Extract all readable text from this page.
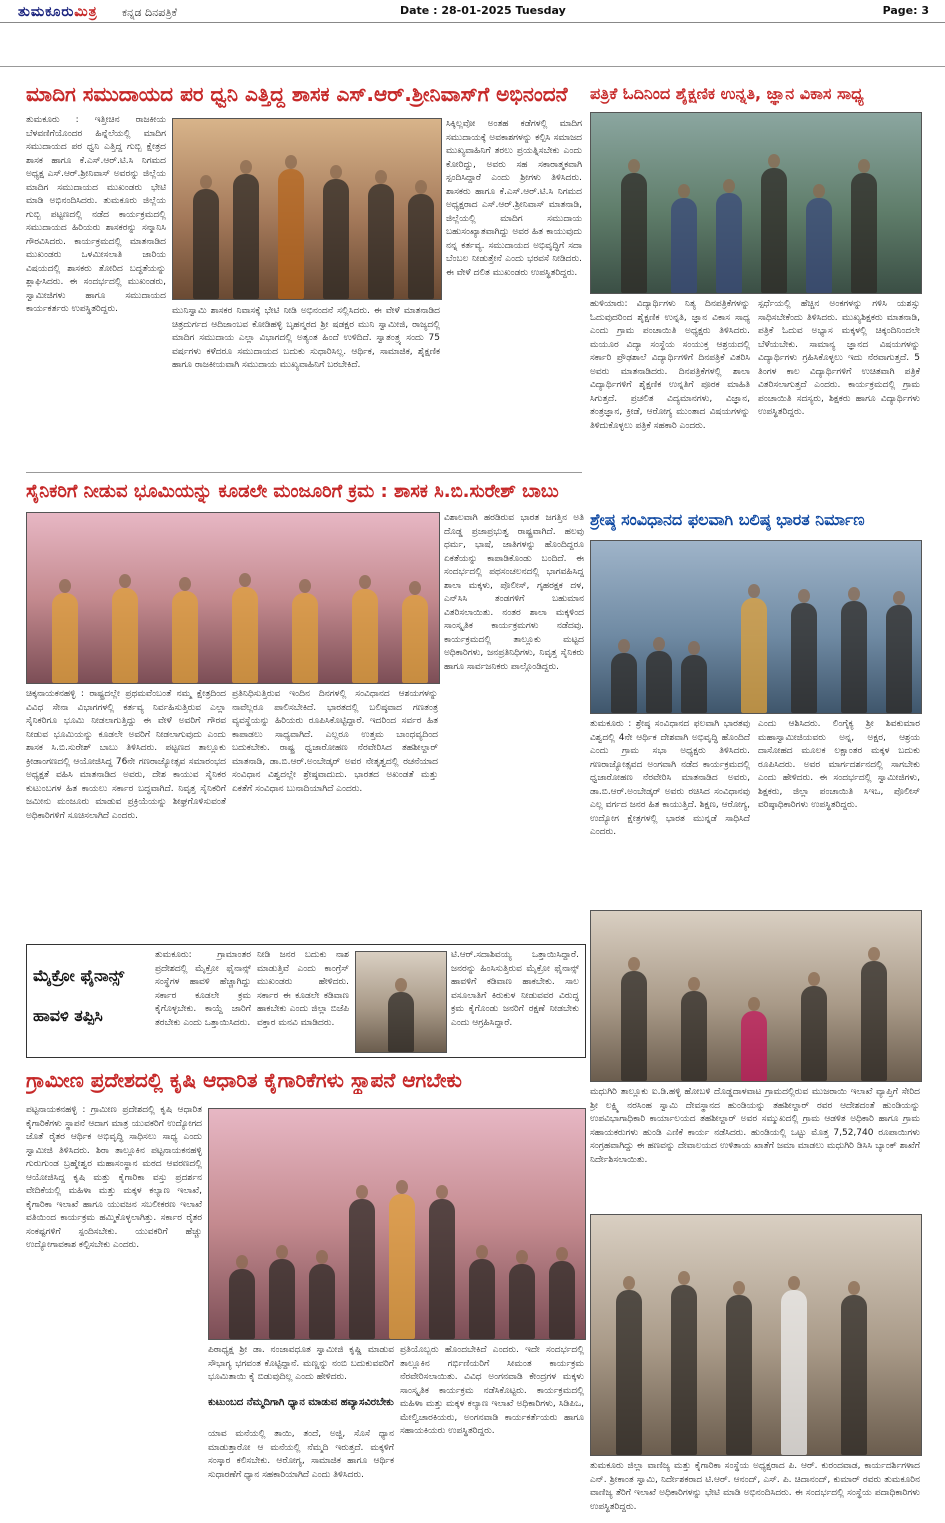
ತುಮಕೂರುಮಿತ್ರ ಕನ್ನಡ ದಿನಪತ್ರಿಕೆ	Date : 28-01-2025 Tuesday	Page: 3
ಮಾದಿಗ ಸಮುದಾಯದ ಪರ ಧ್ವನಿ ಎತ್ತಿದ್ದ ಶಾಸಕ ಎಸ್.ಆರ್.ಶ್ರೀನಿವಾಸ್‌ಗೆ ಅಭಿನಂದನೆ
ತುಮಕೂರು : ಇತ್ತೀಚಿನ ರಾಜಕೀಯ ಬೆಳವಣಿಗೆಯೊಂದರ ಹಿನ್ನೆಲೆಯಲ್ಲಿ ಮಾದಿಗ ಸಮುದಾಯದ ಪರ ಧ್ವನಿ ಎತ್ತಿದ್ದ ಗುಬ್ಬಿ ಕ್ಷೇತ್ರದ ಶಾಸಕ ಹಾಗೂ ಕೆ.ಎಸ್.ಆರ್.ಟಿ.ಸಿ ನಿಗಮದ ಅಧ್ಯಕ್ಷ ಎಸ್.ಆರ್.ಶ್ರೀನಿವಾಸ್ ಅವರನ್ನು ಜಿಲ್ಲೆಯ ಮಾದಿಗ ಸಮುದಾಯದ ಮುಖಂಡರು ಭೇಟಿ ಮಾಡಿ ಅಭಿನಂದಿಸಿದರು. ತುಮಕೂರು ಜಿಲ್ಲೆಯ ಗುಬ್ಬಿ ಪಟ್ಟಣದಲ್ಲಿ ನಡೆದ ಕಾರ್ಯಕ್ರಮದಲ್ಲಿ ಸಮುದಾಯದ ಹಿರಿಯರು ಶಾಸಕರನ್ನು ಸನ್ಮಾನಿಸಿ ಗೌರವಿಸಿದರು. ಕಾರ್ಯಕ್ರಮದಲ್ಲಿ ಮಾತನಾಡಿದ ಮುಖಂಡರು ಒಳಮೀಸಲಾತಿ ಜಾರಿಯ ವಿಷಯದಲ್ಲಿ ಶಾಸಕರು ತೋರಿದ ಬದ್ಧತೆಯನ್ನು ಶ್ಲಾಘಿಸಿದರು. ಈ ಸಂದರ್ಭದಲ್ಲಿ ಮುಖಂಡರು, ಸ್ವಾಮೀಜಿಗಳು ಹಾಗೂ ಸಮುದಾಯದ ಕಾರ್ಯಕರ್ತರು ಉಪಸ್ಥಿತರಿದ್ದರು.	ಮುನಿಸ್ವಾಮಿ ಶಾಸಕರ ನಿವಾಸಕ್ಕೆ ಭೇಟಿ ನೀಡಿ ಅಭಿನಂದನೆ ಸಲ್ಲಿಸಿದರು. ಈ ವೇಳೆ ಮಾತನಾಡಿದ ಚಿತ್ರದುರ್ಗದ ಆದಿಜಾಂಬವ ಕೋಡಿಹಳ್ಳಿ ಬೃಹನ್ಮಠದ ಶ್ರೀ ಷಡಕ್ಷರ ಮುನಿ ಸ್ವಾಮೀಜಿ, ರಾಜ್ಯದಲ್ಲಿ ಮಾದಿಗ ಸಮುದಾಯ ಎಲ್ಲಾ ವಿಭಾಗದಲ್ಲಿ ಅತ್ಯಂತ ಹಿಂದೆ ಉಳಿದಿದೆ. ಸ್ವಾತಂತ್ರ್ಯ ಸಂದು 75 ವರ್ಷಗಳು ಕಳೆದರೂ ಸಮುದಾಯದ ಬದುಕು ಸುಧಾರಿಸಿಲ್ಲ. ಆರ್ಥಿಕ, ಸಾಮಾಜಿಕ, ಶೈಕ್ಷಣಿಕ ಹಾಗೂ ರಾಜಕೀಯವಾಗಿ ಸಮುದಾಯ ಮುಖ್ಯವಾಹಿನಿಗೆ ಬರಬೇಕಿದೆ.
ಸಿಕ್ಕಿಲ್ಲವೋ ಅಂತಹ ಕಡೆಗಳಲ್ಲಿ ಮಾದಿಗ ಸಮುದಾಯಕ್ಕೆ ಅವಕಾಶಗಳನ್ನು ಕಲ್ಪಿಸಿ ಸಮಾಜದ ಮುಖ್ಯವಾಹಿನಿಗೆ ತರಲು ಪ್ರಯತ್ನಿಸಬೇಕು ಎಂದು ಕೋರಿದ್ದು, ಅವರು ಸಹ ಸಕಾರಾತ್ಮಕವಾಗಿ ಸ್ಪಂದಿಸಿದ್ದಾರೆ ಎಂದು ಶ್ರೀಗಳು ತಿಳಿಸಿದರು. ಶಾಸಕರು ಹಾಗೂ ಕೆ.ಎಸ್.ಆರ್.ಟಿ.ಸಿ ನಿಗಮದ ಅಧ್ಯಕ್ಷರಾದ ಎಸ್.ಆರ್.ಶ್ರೀನಿವಾಸ್ ಮಾತನಾಡಿ, ಜಿಲ್ಲೆಯಲ್ಲಿ ಮಾದಿಗ ಸಮುದಾಯ ಬಹುಸಂಖ್ಯಾತವಾಗಿದ್ದು ಅವರ ಹಿತ ಕಾಯುವುದು ನನ್ನ ಕರ್ತವ್ಯ. ಸಮುದಾಯದ ಅಭಿವೃದ್ಧಿಗೆ ಸದಾ ಬೆಂಬಲ ನೀಡುತ್ತೇನೆ ಎಂದು ಭರವಸೆ ನೀಡಿದರು. ಈ ವೇಳೆ ದಲಿತ ಮುಖಂಡರು ಉಪಸ್ಥಿತರಿದ್ದರು.
ಪತ್ರಿಕೆ ಓದಿನಿಂದ ಶೈಕ್ಷಣಿಕ ಉನ್ನತಿ, ಜ್ಞಾನ ವಿಕಾಸ ಸಾಧ್ಯ
ಹುಳಿಯಾರು: ವಿದ್ಯಾರ್ಥಿಗಳು ನಿತ್ಯ ದಿನಪತ್ರಿಕೆಗಳನ್ನು ಓದುವುದರಿಂದ ಶೈಕ್ಷಣಿಕ ಉನ್ನತಿ, ಜ್ಞಾನ ವಿಕಾಸ ಸಾಧ್ಯ ಎಂದು ಗ್ರಾಮ ಪಂಚಾಯಿತಿ ಅಧ್ಯಕ್ಷರು ತಿಳಿಸಿದರು. ಮಯೂರ ವಿದ್ಯಾ ಸಂಸ್ಥೆಯ ಸಂಯುಕ್ತ ಆಶ್ರಯದಲ್ಲಿ ಸರ್ಕಾರಿ ಪ್ರೌಢಶಾಲೆ ವಿದ್ಯಾರ್ಥಿಗಳಿಗೆ ದಿನಪತ್ರಿಕೆ ವಿತರಿಸಿ ಅವರು ಮಾತನಾಡಿದರು. ದಿನಪತ್ರಿಕೆಗಳಲ್ಲಿ ಶಾಲಾ ವಿದ್ಯಾರ್ಥಿಗಳಿಗೆ ಶೈಕ್ಷಣಿಕ ಉನ್ನತಿಗೆ ಪೂರಕ ಮಾಹಿತಿ ಸಿಗುತ್ತದೆ. ಪ್ರಚಲಿತ ವಿದ್ಯಮಾನಗಳು, ವಿಜ್ಞಾನ, ತಂತ್ರಜ್ಞಾನ, ಕ್ರೀಡೆ, ಆರೋಗ್ಯ ಮುಂತಾದ ವಿಷಯಗಳನ್ನು ತಿಳಿದುಕೊಳ್ಳಲು ಪತ್ರಿಕೆ ಸಹಕಾರಿ ಎಂದರು.
ಸ್ಪರ್ಧೆಯಲ್ಲಿ ಹೆಚ್ಚಿನ ಅಂಕಗಳನ್ನು ಗಳಿಸಿ ಯಶಸ್ಸು ಸಾಧಿಸಬೇಕೆಂದು ತಿಳಿಸಿದರು. ಮುಖ್ಯಶಿಕ್ಷಕರು ಮಾತನಾಡಿ, ಪತ್ರಿಕೆ ಓದುವ ಅಭ್ಯಾಸ ಮಕ್ಕಳಲ್ಲಿ ಚಿಕ್ಕಂದಿನಿಂದಲೇ ಬೆಳೆಯಬೇಕು. ಸಾಮಾನ್ಯ ಜ್ಞಾನದ ವಿಷಯಗಳನ್ನು ವಿದ್ಯಾರ್ಥಿಗಳು ಗ್ರಹಿಸಿಕೊಳ್ಳಲು ಇದು ನೆರವಾಗುತ್ತದೆ. 5 ತಿಂಗಳ ಕಾಲ ವಿದ್ಯಾರ್ಥಿಗಳಿಗೆ ಉಚಿತವಾಗಿ ಪತ್ರಿಕೆ ವಿತರಿಸಲಾಗುತ್ತದೆ ಎಂದರು. ಕಾರ್ಯಕ್ರಮದಲ್ಲಿ ಗ್ರಾಮ ಪಂಚಾಯಿತಿ ಸದಸ್ಯರು, ಶಿಕ್ಷಕರು ಹಾಗೂ ವಿದ್ಯಾರ್ಥಿಗಳು ಉಪಸ್ಥಿತರಿದ್ದರು.
ಸೈನಿಕರಿಗೆ ನೀಡುವ ಭೂಮಿಯನ್ನು ಕೂಡಲೇ ಮಂಜೂರಿಗೆ ಕ್ರಮ : ಶಾಸಕ ಸಿ.ಬಿ.ಸುರೇಶ್ ಬಾಬು
ಚಿಕ್ಕನಾಯಕನಹಳ್ಳಿ : ರಾಷ್ಟ್ರದಲ್ಲೇ ಪ್ರಥಮವೆಂಬಂತೆ ನಮ್ಮ ಕ್ಷೇತ್ರದಿಂದ ವಿವಿಧ ಸೇನಾ ವಿಭಾಗಗಳಲ್ಲಿ ಕರ್ತವ್ಯ ನಿರ್ವಹಿಸುತ್ತಿರುವ ಎಲ್ಲಾ ಸೈನಿಕರಿಗೂ ಭೂಮಿ ನೀಡಲಾಗುತ್ತಿದ್ದು ಈ ವೇಳೆ ಅವರಿಗೆ ಗೌರವ ನೀಡುವ ಭೂಮಿಯನ್ನು ಕೂಡಲೇ ಅವರಿಗೆ ನೀಡಲಾಗುವುದು ಎಂದು ಶಾಸಕ ಸಿ.ಬಿ.ಸುರೇಶ್ ಬಾಬು ತಿಳಿಸಿದರು. ಪಟ್ಟಣದ ತಾಲ್ಲೂಕು ಕ್ರೀಡಾಂಗಣದಲ್ಲಿ ಆಯೋಜಿಸಿದ್ದ 76ನೇ ಗಣರಾಜ್ಯೋತ್ಸವ ಸಮಾರಂಭದ ಅಧ್ಯಕ್ಷತೆ ವಹಿಸಿ ಮಾತನಾಡಿದ ಅವರು, ದೇಶ ಕಾಯುವ ಸೈನಿಕರ ಕುಟುಂಬಗಳ ಹಿತ ಕಾಯಲು ಸರ್ಕಾರ ಬದ್ಧವಾಗಿದೆ. ನಿವೃತ್ತ ಸೈನಿಕರಿಗೆ ಜಮೀನು ಮಂಜೂರು ಮಾಡುವ ಪ್ರಕ್ರಿಯೆಯನ್ನು ಶೀಘ್ರಗೊಳಿಸುವಂತೆ ಅಧಿಕಾರಿಗಳಿಗೆ ಸೂಚಿಸಲಾಗಿದೆ ಎಂದರು.
ಪ್ರತಿನಿಧಿಸುತ್ತಿರುವ ಇಂದಿನ ದಿನಗಳಲ್ಲಿ ಸಂವಿಧಾನದ ಆಶಯಗಳನ್ನು ನಾವೆಲ್ಲರೂ ಪಾಲಿಸಬೇಕಿದೆ. ಭಾರತದಲ್ಲಿ ಬಲಿಷ್ಠವಾದ ಗಣತಂತ್ರ ವ್ಯವಸ್ಥೆಯನ್ನು ಹಿರಿಯರು ರೂಪಿಸಿಕೊಟ್ಟಿದ್ದಾರೆ. ಇದರಿಂದ ಸರ್ವರ ಹಿತ ಕಾಪಾಡಲು ಸಾಧ್ಯವಾಗಿದೆ. ಎಲ್ಲರೂ ಉತ್ತಮ ಬಾಂಧವ್ಯದಿಂದ ಬದುಕಬೇಕು. ರಾಷ್ಟ್ರ ಧ್ವಜಾರೋಹಣ ನೆರವೇರಿಸಿದ ತಹಶೀಲ್ದಾರ್ ಮಾತನಾಡಿ, ಡಾ.ಬಿ.ಆರ್.ಅಂಬೇಡ್ಕರ್ ಅವರ ನೇತೃತ್ವದಲ್ಲಿ ರಚನೆಯಾದ ಸಂವಿಧಾನ ವಿಶ್ವದಲ್ಲೇ ಶ್ರೇಷ್ಠವಾದುದು. ಭಾರತದ ಅಖಂಡತೆ ಮತ್ತು ಏಕತೆಗೆ ಸಂವಿಧಾನ ಬುನಾದಿಯಾಗಿದೆ ಎಂದರು.
ವಿಶಾಲವಾಗಿ ಹರಡಿರುವ ಭಾರತ ಜಗತ್ತಿನ ಅತಿ ದೊಡ್ಡ ಪ್ರಜಾಪ್ರಭುತ್ವ ರಾಷ್ಟ್ರವಾಗಿದೆ. ಹಲವು ಧರ್ಮ, ಭಾಷೆ, ಜಾತಿಗಳನ್ನು ಹೊಂದಿದ್ದರೂ ಏಕತೆಯನ್ನು ಕಾಪಾಡಿಕೊಂಡು ಬಂದಿದೆ. ಈ ಸಂದರ್ಭದಲ್ಲಿ ಪಥಸಂಚಲನದಲ್ಲಿ ಭಾಗವಹಿಸಿದ್ದ ಶಾಲಾ ಮಕ್ಕಳು, ಪೊಲೀಸ್, ಗೃಹರಕ್ಷಕ ದಳ, ಎನ್‌ಸಿಸಿ ತಂಡಗಳಿಗೆ ಬಹುಮಾನ ವಿತರಿಸಲಾಯಿತು. ನಂತರ ಶಾಲಾ ಮಕ್ಕಳಿಂದ ಸಾಂಸ್ಕೃತಿಕ ಕಾರ್ಯಕ್ರಮಗಳು ನಡೆದವು. ಕಾರ್ಯಕ್ರಮದಲ್ಲಿ ತಾಲ್ಲೂಕು ಮಟ್ಟದ ಅಧಿಕಾರಿಗಳು, ಜನಪ್ರತಿನಿಧಿಗಳು, ನಿವೃತ್ತ ಸೈನಿಕರು ಹಾಗೂ ಸಾರ್ವಜನಿಕರು ಪಾಲ್ಗೊಂಡಿದ್ದರು.
ಶ್ರೇಷ್ಠ ಸಂವಿಧಾನದ ಫಲವಾಗಿ ಬಲಿಷ್ಠ ಭಾರತ ನಿರ್ಮಾಣ
ತುಮಕೂರು : ಶ್ರೇಷ್ಠ ಸಂವಿಧಾನದ ಫಲವಾಗಿ ಭಾರತವು ವಿಶ್ವದಲ್ಲಿ 4ನೇ ಆರ್ಥಿಕ ದೇಶವಾಗಿ ಅಭಿವೃದ್ಧಿ ಹೊಂದಿದೆ ಎಂದು ಗ್ರಾಮ ಸಭಾ ಅಧ್ಯಕ್ಷರು ತಿಳಿಸಿದರು. ಗಣರಾಜ್ಯೋತ್ಸವದ ಅಂಗವಾಗಿ ನಡೆದ ಕಾರ್ಯಕ್ರಮದಲ್ಲಿ ಧ್ವಜಾರೋಹಣ ನೆರವೇರಿಸಿ ಮಾತನಾಡಿದ ಅವರು, ಡಾ.ಬಿ.ಆರ್.ಅಂಬೇಡ್ಕರ್ ಅವರು ರಚಿಸಿದ ಸಂವಿಧಾನವು ಎಲ್ಲ ವರ್ಗದ ಜನರ ಹಿತ ಕಾಯುತ್ತಿದೆ. ಶಿಕ್ಷಣ, ಆರೋಗ್ಯ, ಉದ್ಯೋಗ ಕ್ಷೇತ್ರಗಳಲ್ಲಿ ಭಾರತ ಮುನ್ನಡೆ ಸಾಧಿಸಿದೆ ಎಂದರು.
ಎಂದು ಆಶಿಸಿದರು. ಲಿಂಗೈಕ್ಯ ಶ್ರೀ ಶಿವಕುಮಾರ ಮಹಾಸ್ವಾಮೀಜಿಯವರು ಅನ್ನ, ಅಕ್ಷರ, ಆಶ್ರಯ ದಾಸೋಹದ ಮೂಲಕ ಲಕ್ಷಾಂತರ ಮಕ್ಕಳ ಬದುಕು ರೂಪಿಸಿದರು. ಅವರ ಮಾರ್ಗದರ್ಶನದಲ್ಲಿ ಸಾಗಬೇಕು ಎಂದು ಹೇಳಿದರು. ಈ ಸಂದರ್ಭದಲ್ಲಿ ಸ್ವಾಮೀಜಿಗಳು, ಶಿಕ್ಷಕರು, ಜಿಲ್ಲಾ ಪಂಚಾಯಿತಿ ಸಿಇಒ, ಪೊಲೀಸ್ ವರಿಷ್ಠಾಧಿಕಾರಿಗಳು ಉಪಸ್ಥಿತರಿದ್ದರು.
ಮೈಕ್ರೋ ಫೈನಾನ್ಸ್
ಹಾವಳಿ ತಪ್ಪಿಸಿ
ತುಮಕೂರು: ಗ್ರಾಮಾಂತರ ಪ್ರದೇಶದಲ್ಲಿ ಮೈಕ್ರೋ ಫೈನಾನ್ಸ್ ಸಂಸ್ಥೆಗಳ ಹಾವಳಿ ಹೆಚ್ಚಾಗಿದ್ದು ಸರ್ಕಾರ ಕೂಡಲೇ ಕ್ರಮ ಕೈಗೊಳ್ಳಬೇಕು. ಕಾಯ್ದೆ ಜಾರಿಗೆ ತರಬೇಕು ಎಂದು ಒತ್ತಾಯಿಸಿದರು.
ನೀಡಿ ಜನರ ಬದುಕು ನಾಶ ಮಾಡುತ್ತಿವೆ ಎಂದು ಕಾಂಗ್ರೆಸ್‌ ಮುಖಂಡರು ಹೇಳಿದರು. ಸರ್ಕಾರ ಈ ಕೂಡಲೇ ಕಡಿವಾಣ ಹಾಕಬೇಕು ಎಂದು ಜಿಲ್ಲಾ ಬಿಜೆಪಿ ವಕ್ತಾರ ಮನವಿ ಮಾಡಿದರು.
ಟಿ.ಆರ್.ಸದಾಶಿವಯ್ಯ ಒತ್ತಾಯಿಸಿದ್ದಾರೆ. ಜನರನ್ನು ಹಿಂಸಿಸುತ್ತಿರುವ ಮೈಕ್ರೋ ಫೈನಾನ್ಸ್ ಹಾವಳಿಗೆ ಕಡಿವಾಣ ಹಾಕಬೇಕು. ಸಾಲ ವಸೂಲಾತಿಗೆ ಕಿರುಕುಳ ನೀಡುವವರ ವಿರುದ್ಧ ಕ್ರಮ ಕೈಗೊಂಡು ಜನರಿಗೆ ರಕ್ಷಣೆ ನೀಡಬೇಕು ಎಂದು ಆಗ್ರಹಿಸಿದ್ದಾರೆ.
ಗ್ರಾಮೀಣ ಪ್ರದೇಶದಲ್ಲಿ ಕೃಷಿ ಆಧಾರಿತ ಕೈಗಾರಿಕೆಗಳು ಸ್ಥಾಪನೆ ಆಗಬೇಕು
ಪಟ್ಟನಾಯಕನಹಳ್ಳಿ : ಗ್ರಾಮೀಣ ಪ್ರದೇಶದಲ್ಲಿ ಕೃಷಿ ಆಧಾರಿತ ಕೈಗಾರಿಕೆಗಳು ಸ್ಥಾಪನೆ ಆದಾಗ ಮಾತ್ರ ಯುವಕರಿಗೆ ಉದ್ಯೋಗದ ಜೊತೆ ರೈತರ ಆರ್ಥಿಕ ಅಭಿವೃದ್ಧಿ ಸಾಧಿಸಲು ಸಾಧ್ಯ ಎಂದು ಸ್ವಾಮೀಜಿ ತಿಳಿಸಿದರು. ಶಿರಾ ತಾಲ್ಲೂಕಿನ ಪಟ್ಟನಾಯಕನಹಳ್ಳಿ ಗುರುಗುಂಡ ಬ್ರಹ್ಮೇಶ್ವರ ಮಹಾಸಂಸ್ಥಾನ ಮಠದ ಆವರಣದಲ್ಲಿ ಆಯೋಜಿಸಿದ್ದ ಕೃಷಿ ಮತ್ತು ಕೈಗಾರಿಕಾ ವಸ್ತು ಪ್ರದರ್ಶನ ವೇದಿಕೆಯಲ್ಲಿ ಮಹಿಳಾ ಮತ್ತು ಮಕ್ಕಳ ಕಲ್ಯಾಣ ಇಲಾಖೆ, ಕೈಗಾರಿಕಾ ಇಲಾಖೆ ಹಾಗೂ ಯುವಜನ ಸಬಲೀಕರಣ ಇಲಾಖೆ ವತಿಯಿಂದ ಕಾರ್ಯಕ್ರಮ ಹಮ್ಮಿಕೊಳ್ಳಲಾಗಿತ್ತು. ಸರ್ಕಾರ ರೈತರ ಸಂಕಷ್ಟಗಳಿಗೆ ಸ್ಪಂದಿಸಬೇಕು. ಯುವಕರಿಗೆ ಹೆಚ್ಚು ಉದ್ಯೋಗಾವಕಾಶ ಕಲ್ಪಿಸಬೇಕು ಎಂದರು.
ಪಿಠಾಧ್ಯಕ್ಷ ಶ್ರೀ ಡಾ. ನಂಜಾವಧೂತ ಸ್ವಾಮೀಜಿ ಕೃಷ್ಣಿ ಮಾಡುವ ಸೌಭಾಗ್ಯ ಭಗವಂತ ಕೊಟ್ಟಿದ್ದಾನೆ. ಮಣ್ಣನ್ನು ನಂಬಿ ಬದುಕುವವರಿಗೆ ಭೂಮಿತಾಯಿ ಕೈ ಬಿಡುವುದಿಲ್ಲ ಎಂದು ಹೇಳಿದರು.
ಕುಟುಂಬದ ನೆಮ್ಮದಿಗಾಗಿ ಧ್ಯಾನ ಮಾಡುವ ಹವ್ಯಾಸವಿರಬೇಕು
ಯಾವ ಮನೆಯಲ್ಲಿ ತಾಯಿ, ತಂದೆ, ಅಜ್ಜಿ, ಸೊಸೆ ಧ್ಯಾನ ಮಾಡುತ್ತಾರೋ ಆ ಮನೆಯಲ್ಲಿ ನೆಮ್ಮದಿ ಇರುತ್ತದೆ. ಮಕ್ಕಳಿಗೆ ಸಂಸ್ಕಾರ ಕಲಿಸಬೇಕು. ಆರೋಗ್ಯ, ಸಾಮಾಜಿಕ ಹಾಗೂ ಆರ್ಥಿಕ ಸುಧಾರಣೆಗೆ ಧ್ಯಾನ ಸಹಕಾರಿಯಾಗಿದೆ ಎಂದು ತಿಳಿಸಿದರು.
ಪ್ರತಿಯೊಬ್ಬರು ಹೊಂದಬೇಕಿದೆ ಎಂದರು. ಇದೇ ಸಂದರ್ಭದಲ್ಲಿ ತಾಲ್ಲೂಕಿನ ಗರ್ಭಿಣಿಯರಿಗೆ ಸೀಮಂತ ಕಾರ್ಯಕ್ರಮ ನೆರವೇರಿಸಲಾಯಿತು. ವಿವಿಧ ಅಂಗನವಾಡಿ ಕೇಂದ್ರಗಳ ಮಕ್ಕಳು ಸಾಂಸ್ಕೃತಿಕ ಕಾರ್ಯಕ್ರಮ ನಡೆಸಿಕೊಟ್ಟರು. ಕಾರ್ಯಕ್ರಮದಲ್ಲಿ ಮಹಿಳಾ ಮತ್ತು ಮಕ್ಕಳ ಕಲ್ಯಾಣ ಇಲಾಖೆ ಅಧಿಕಾರಿಗಳು, ಸಿಡಿಪಿಒ, ಮೇಲ್ವಿಚಾರಕಿಯರು, ಅಂಗನವಾಡಿ ಕಾರ್ಯಕರ್ತೆಯರು ಹಾಗೂ ಸಹಾಯಕಿಯರು ಉಪಸ್ಥಿತರಿದ್ದರು.
ಮಧುಗಿರಿ ತಾಲ್ಲೂಕು ಐ.ಡಿ.ಹಳ್ಳಿ ಹೋಬಳಿ ದೊಡ್ಡದಾಳವಾಟ ಗ್ರಾಮದಲ್ಲಿರುವ ಮುಜರಾಯಿ ಇಲಾಖೆ ವ್ಯಾಪ್ತಿಗೆ ಸೇರಿದ ಶ್ರೀ ಲಕ್ಷ್ಮಿ ನರಸಿಂಹ ಸ್ವಾಮಿ ದೇವಸ್ಥಾನದ ಹುಂಡಿಯನ್ನು ತಹಶೀಲ್ದಾರ್ ರವರ ಆದೇಶದಂತೆ ಹುಂಡಿಯನ್ನು ಉಪವಿಭಾಗಾಧಿಕಾರಿ ಕಾರ್ಯಾಲಯದ ತಹಶೀಲ್ದಾರ್ ಅವರ ಸಮ್ಮುಖದಲ್ಲಿ ಗ್ರಾಮ ಆಡಳಿತ ಅಧಿಕಾರಿ ಹಾಗೂ ಗ್ರಾಮ ಸಹಾಯಕರುಗಳು ಹುಂಡಿ ಎಣಿಕೆ ಕಾರ್ಯ ನಡೆಸಿದರು. ಹುಂಡಿಯಲ್ಲಿ ಒಟ್ಟು ಮೊತ್ತ 7,52,740 ರೂಪಾಯಿಗಳು ಸಂಗ್ರಹವಾಗಿದ್ದು ಈ ಹಣವನ್ನು ದೇವಾಲಯದ ಉಳಿತಾಯ ಖಾತೆಗೆ ಜಮಾ ಮಾಡಲು ಮಧುಗಿರಿ ಡಿಸಿಸಿ ಬ್ಯಾಂಕ್ ಶಾಖೆಗೆ ನಿರ್ದೇಶಿಸಲಾಯಿತು.
ತುಮಕೂರು ಜಿಲ್ಲಾ ವಾಣಿಜ್ಯ ಮತ್ತು ಕೈಗಾರಿಕಾ ಸಂಸ್ಥೆಯ ಅಧ್ಯಕ್ಷರಾದ ಪಿ. ಆರ್. ಕುರಂದವಾಡ, ಕಾರ್ಯದರ್ಶಿಗಳಾದ ಎನ್. ಶ್ರೀಕಾಂತ ಸ್ವಾಮಿ, ನಿರ್ದೇಶಕರಾದ ಟಿ.ಆರ್. ಆನಂದ್, ಎಸ್. ಪಿ. ಚಿದಾನಂದ್, ಕುಮಾರ್ ರವರು ತುಮಕೂರಿನ ವಾಣಿಜ್ಯ ತೆರಿಗೆ ಇಲಾಖೆ ಅಧಿಕಾರಿಗಳನ್ನು ಭೇಟಿ ಮಾಡಿ ಅಭಿನಂದಿಸಿದರು. ಈ ಸಂದರ್ಭದಲ್ಲಿ ಸಂಸ್ಥೆಯ ಪದಾಧಿಕಾರಿಗಳು ಉಪಸ್ಥಿತರಿದ್ದರು.
